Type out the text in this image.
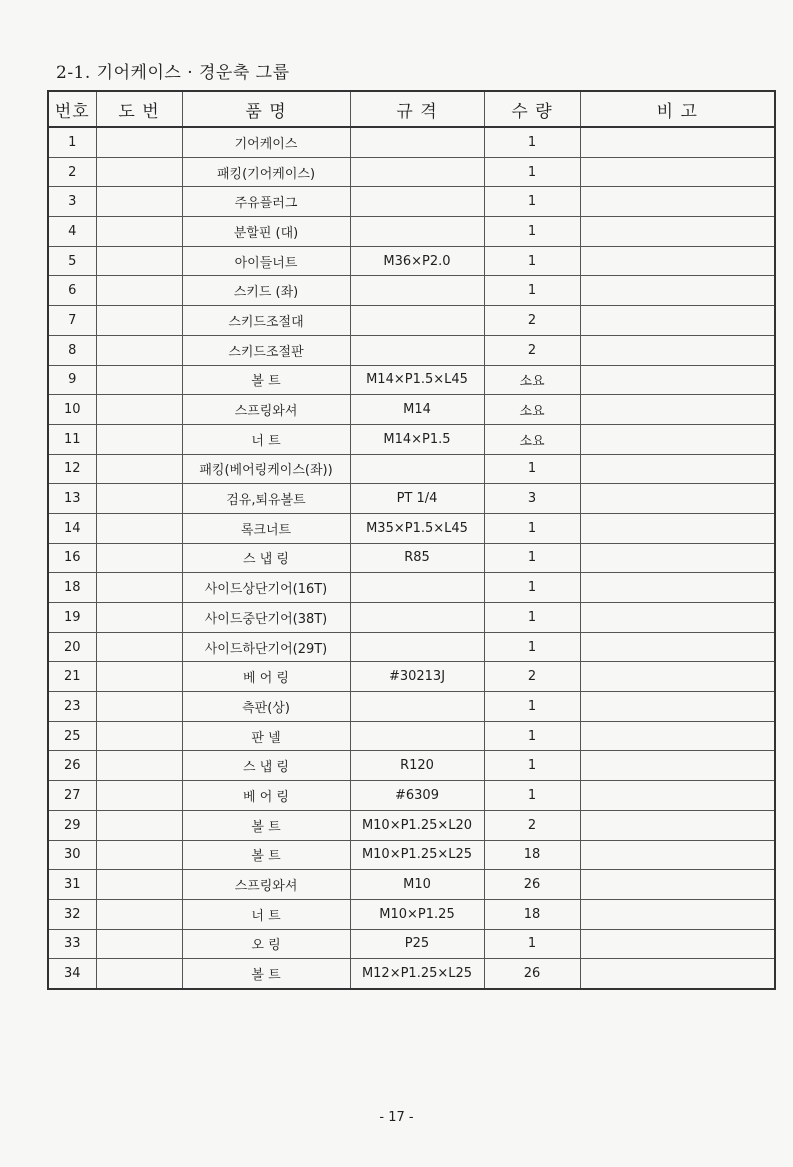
2-1. 기어케이스 · 경운축 그룹
번호	도 번	품 명	규 격	수 량	비 고
1		기어케이스		1	
2		패킹(기어케이스)		1	
3		주유플러그		1	
4		분할핀 (대)		1	
5		아이들너트	M36×P2.0	1	
6		스키드 (좌)		1	
7		스키드조절대		2	
8		스키드조절판		2	
9		볼 트	M14×P1.5×L45	소요	
10		스프링와셔	M14	소요	
11		너 트	M14×P1.5	소요	
12		패킹(베어링케이스(좌))		1	
13		검유,퇴유볼트	PT 1/4	3	
14		록크너트	M35×P1.5×L45	1	
16		스 냅 링	R85	1	
18		사이드상단기어(16T)		1	
19		사이드중단기어(38T)		1	
20		사이드하단기어(29T)		1	
21		베 어 링	#30213J	2	
23		측판(상)		1	
25		판 넬		1	
26		스 냅 링	R120	1	
27		베 어 링	#6309	1	
29		볼 트	M10×P1.25×L20	2	
30		볼 트	M10×P1.25×L25	18	
31		스프링와셔	M10	26	
32		너 트	M10×P1.25	18	
33		오 링	P25	1	
34		볼 트	M12×P1.25×L25	26	
- 17 -
